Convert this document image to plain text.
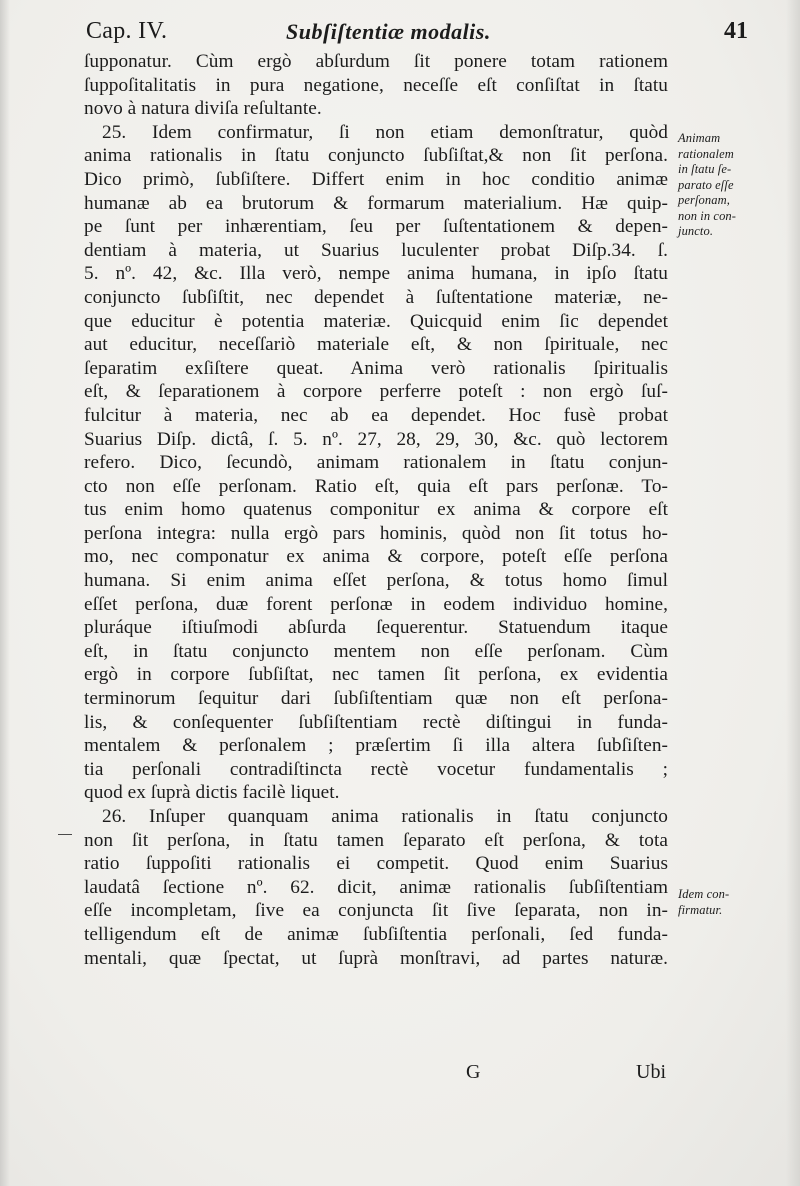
Cap. IV.	Subſiſtentiæ modalis.	41
ſupponatur. Cùm ergò abſurdum ſit ponere totam rationem
ſuppoſitalitatis in pura negatione, neceſſe eſt conſiſtat in ſtatu
novo à natura diviſa reſultante.
25. Idem confirmatur, ſi non etiam demonſtratur, quòd
anima rationalis in ſtatu conjunctо ſubſiſtat,& non ſit perſona.
Dico primò, ſubſiſtere. Differt enim in hoc conditio animæ
humanæ ab ea brutorum & formarum materialium. Hæ quip-
pe ſunt per inhærentiam, ſeu per ſuſtentationem & depen-
dentiam à materia, ut Suarius luculenter probat Diſp.34. ſ.
5. nº. 42, &c. Illa verò, nempe anima humana, in ipſo ſtatu
conjunctо ſubſiſtit, nec dependet à ſuſtentatione materiæ, ne-
que educitur è potentia materiæ. Quicquid enim ſic dependet
aut educitur, neceſſariò materiale eſt, & non ſpirituale, nec
ſeparatim exſiſtere queat. Anima verò rationalis ſpiritualis
eſt, & ſeparationem à corpore perferre poteſt : non ergò ſuſ-
fulcitur à materia, nec ab ea dependet. Hoc fusè probat
Suarius Diſp. dictâ, ſ. 5. nº. 27, 28, 29, 30, &c. quò lectorem
refero. Dico, ſecundò, animam rationalem in ſtatu conjun-
ctо non eſſe perſonam. Ratio eſt, quia eſt pars perſonæ. To-
tus enim homo quatenus componitur ex anima & corpore eſt
perſona integra: nulla ergò pars hominis, quòd non ſit totus ho-
mo, nec componatur ex anima & corpore, poteſt eſſe perſona
humana. Si enim anima eſſet perſona, & totus homo ſimul
eſſet perſona, duæ forent perſonæ in eodem individuo homine,
pluráque iſtiuſmodi abſurda ſequerentur. Statuendum itaque
eſt, in ſtatu conjunctо mentem non eſſe perſonam. Cùm
ergò in corpore ſubſiſtat, nec tamen ſit perſona, ex evidentia
terminorum ſequitur dari ſubſiſtentiam quæ non eſt perſona-
lis, & conſequenter ſubſiſtentiam rectè diſtingui in funda-
mentalem & perſonalem ; præſertim ſi illa altera ſubſiſten-
tia perſonali contradiſtincta rectè vocetur fundamentalis ;
quod ex ſuprà dictis facilè liquet.
26. Inſuper quanquam anima rationalis in ſtatu conjunctо
non ſit perſona, in ſtatu tamen ſeparato eſt perſona, & tota
ratio ſuppoſiti rationalis ei competit. Quod enim Suarius
laudatâ ſectione nº. 62. dicit, animæ rationalis ſubſiſtentiam
eſſe incompletam, ſive ea conjuncta ſit ſive ſeparata, non in-
telligendum eſt de animæ ſubſiſtentia perſonali, ſed funda-
mentali, quæ ſpectat, ut ſuprà monſtravi, ad partes naturæ.
Animam
rationalem
in ſtatu ſe-
parato eſſe
perſonam,
non in con-
juncto.
Idem con-
firmatur.
G	Ubi
